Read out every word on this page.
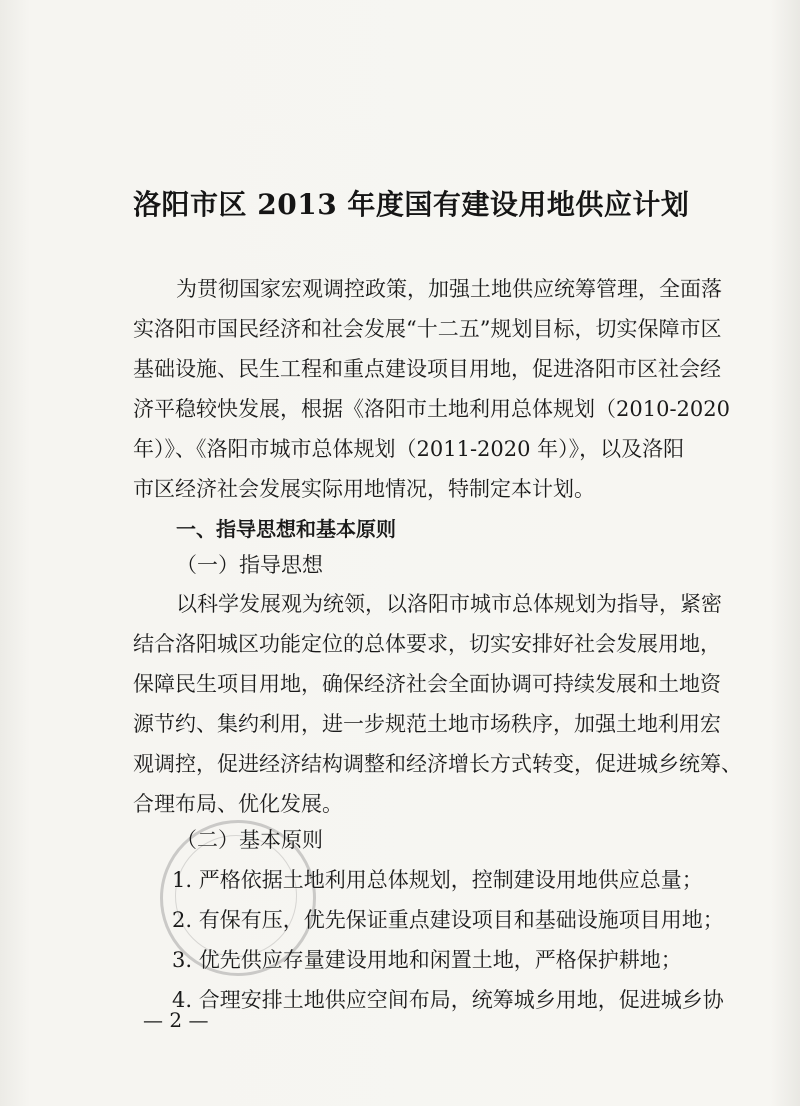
洛阳市区 2013 年度国有建设用地供应计划
为贯彻国家宏观调控政策，加强土地供应统筹管理，全面落
实洛阳市国民经济和社会发展“十二五”规划目标，切实保障市区
基础设施、民生工程和重点建设项目用地，促进洛阳市区社会经
济平稳较快发展，根据《洛阳市土地利用总体规划（2010-2020
年）》、《洛阳市城市总体规划（2011-2020 年）》，以及洛阳
市区经济社会发展实际用地情况，特制定本计划。
一、指导思想和基本原则
（一）指导思想
以科学发展观为统领，以洛阳市城市总体规划为指导，紧密
结合洛阳城区功能定位的总体要求，切实安排好社会发展用地，
保障民生项目用地，确保经济社会全面协调可持续发展和土地资
源节约、集约利用，进一步规范土地市场秩序，加强土地利用宏
观调控，促进经济结构调整和经济增长方式转变，促进城乡统筹、
合理布局、优化发展。
（二）基本原则
1. 严格依据土地利用总体规划，控制建设用地供应总量；
2. 有保有压，优先保证重点建设项目和基础设施项目用地；
3. 优先供应存量建设用地和闲置土地，严格保护耕地；
4. 合理安排土地供应空间布局，统筹城乡用地，促进城乡协
— 2 —
